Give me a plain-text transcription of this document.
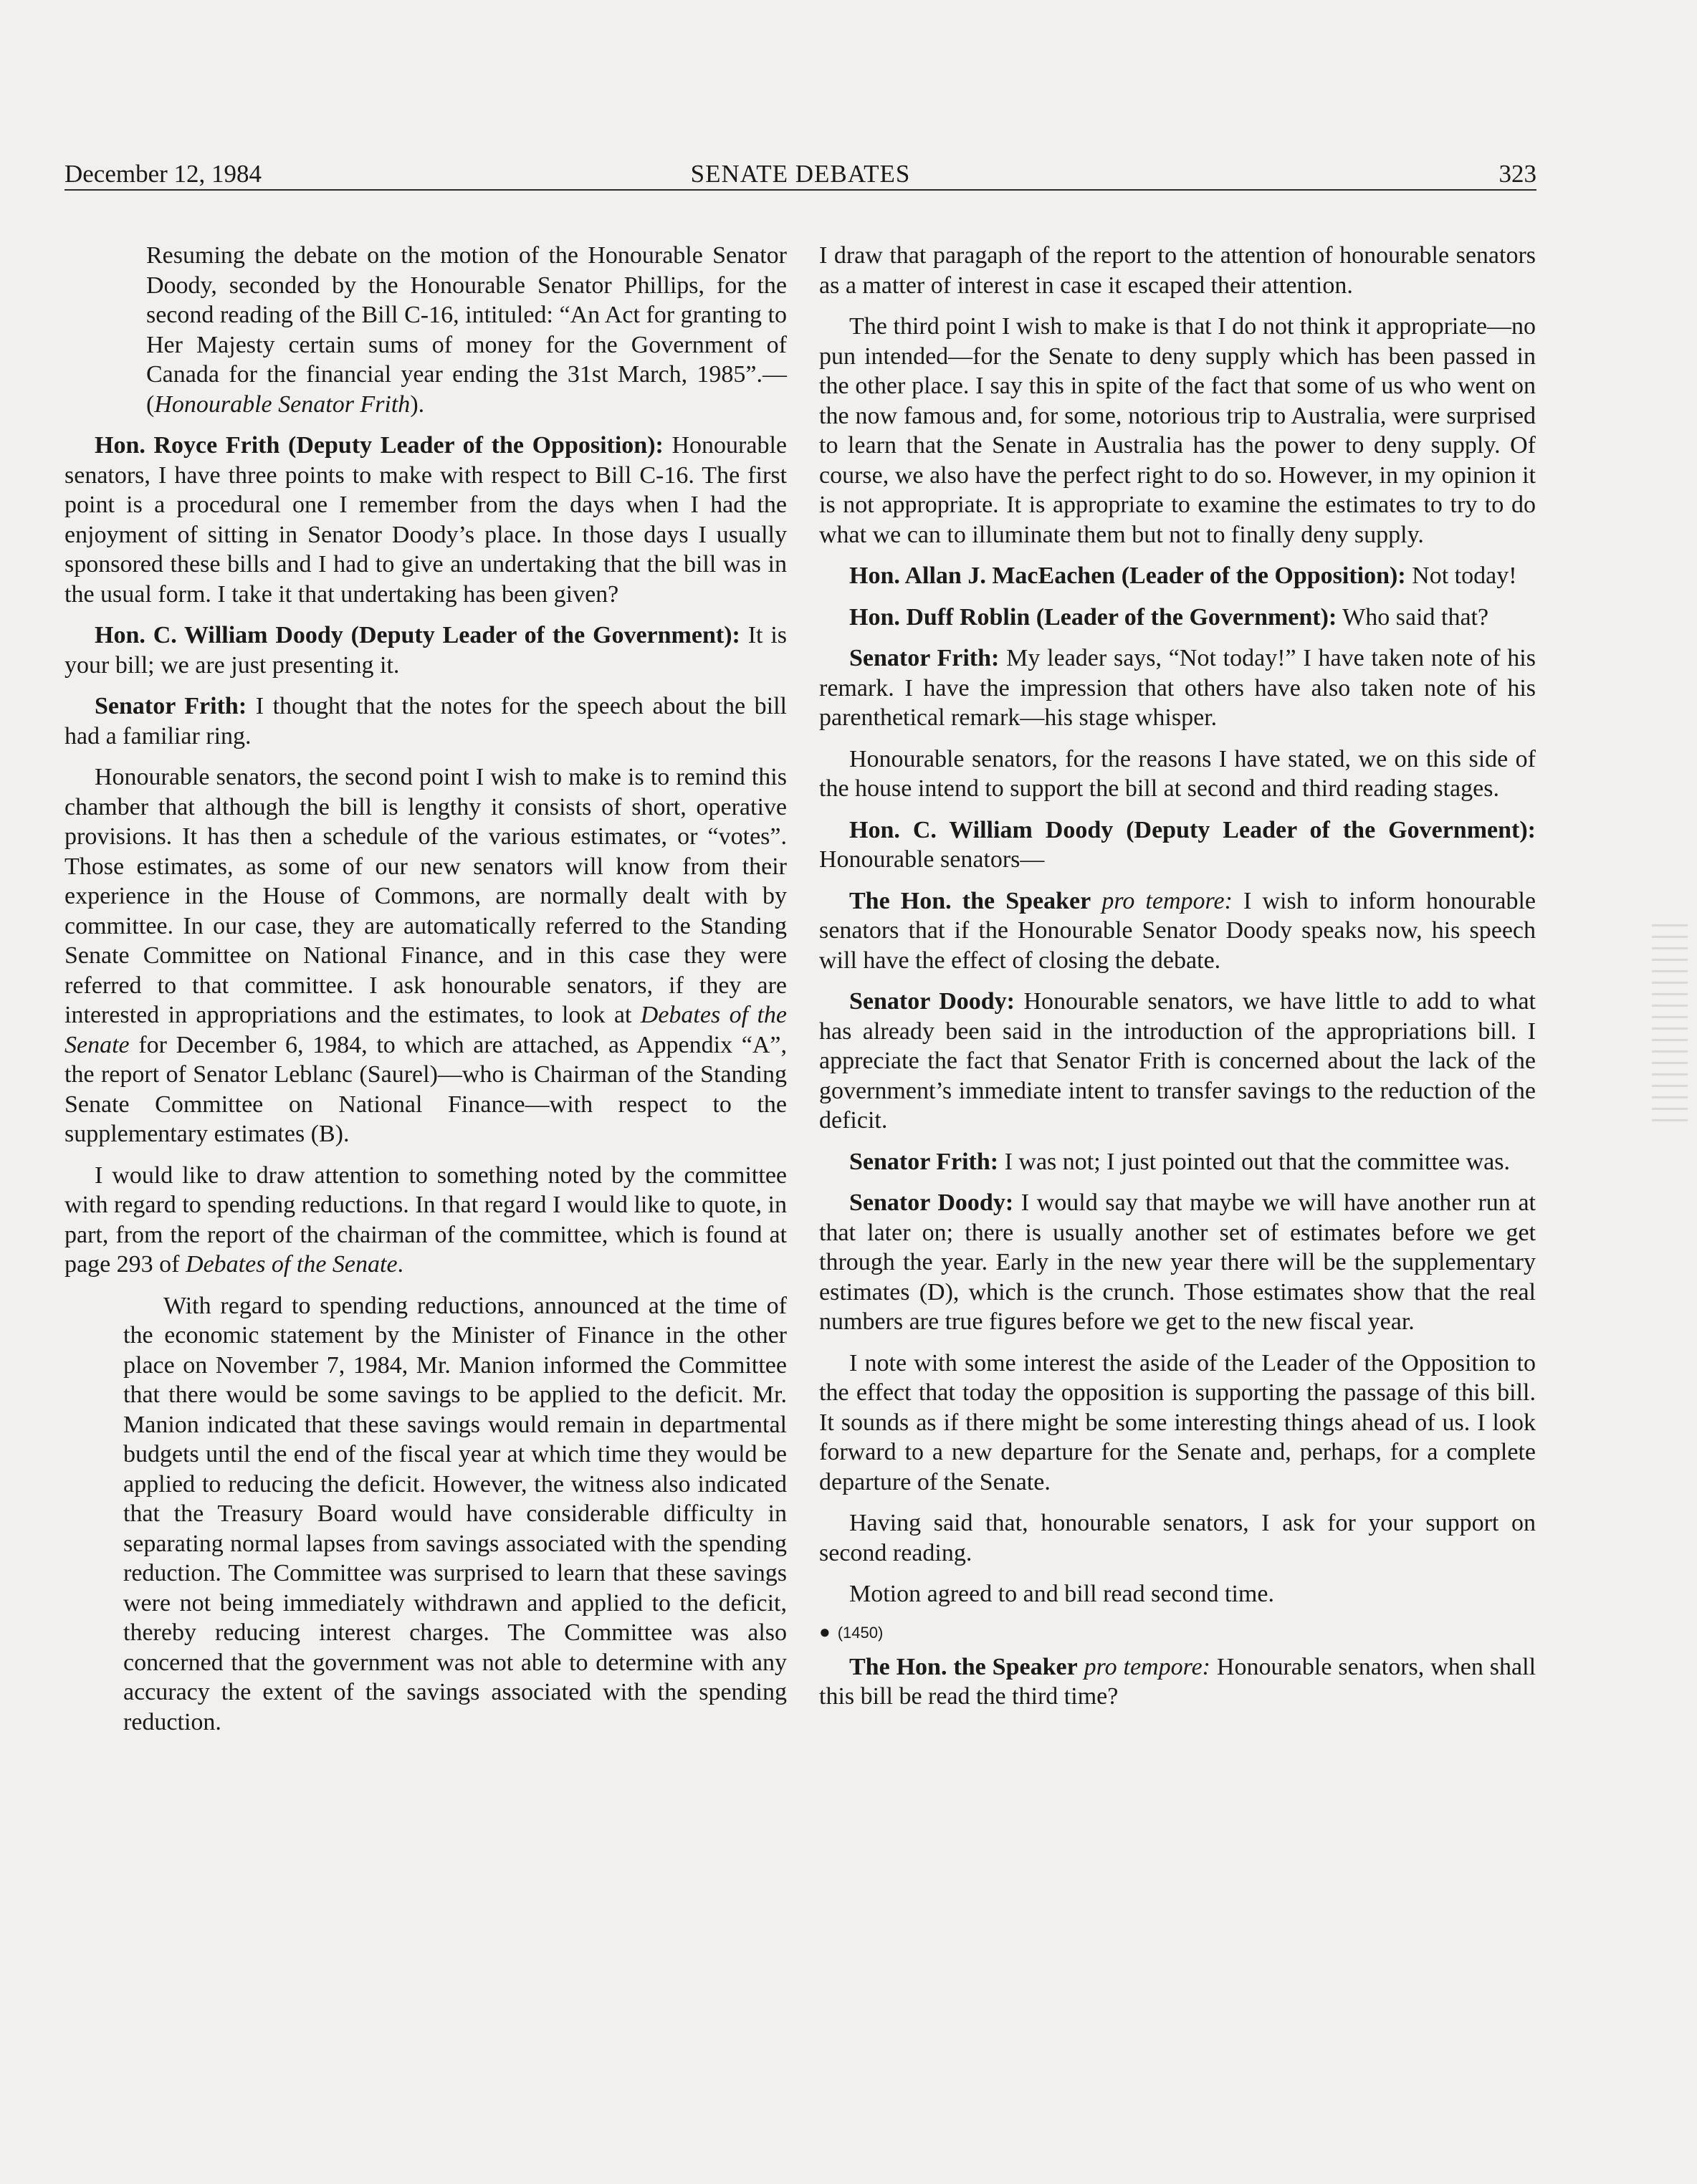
December 12, 1984	SENATE DEBATES	323

Resuming the debate on the motion of the Honourable Senator Doody, seconded by the Honourable Senator Phillips, for the second reading of the Bill C-16, intituled: “An Act for granting to Her Majesty certain sums of money for the Government of Canada for the financial year ending the 31st March, 1985”.—(Honourable Senator Frith).

Hon. Royce Frith (Deputy Leader of the Opposition): Honourable senators, I have three points to make with respect to Bill C-16. The first point is a procedural one I remember from the days when I had the enjoyment of sitting in Senator Doody’s place. In those days I usually sponsored these bills and I had to give an undertaking that the bill was in the usual form. I take it that undertaking has been given?

Hon. C. William Doody (Deputy Leader of the Government): It is your bill; we are just presenting it.

Senator Frith: I thought that the notes for the speech about the bill had a familiar ring.

Honourable senators, the second point I wish to make is to remind this chamber that although the bill is lengthy it consists of short, operative provisions. It has then a schedule of the various estimates, or “votes”. Those estimates, as some of our new senators will know from their experience in the House of Commons, are normally dealt with by committee. In our case, they are automatically referred to the Standing Senate Committee on National Finance, and in this case they were referred to that committee. I ask honourable senators, if they are interested in appropriations and the estimates, to look at Debates of the Senate for December 6, 1984, to which are attached, as Appendix “A”, the report of Senator Leblanc (Saurel)—who is Chairman of the Standing Senate Committee on National Finance—with respect to the supplementary estimates (B).

I would like to draw attention to something noted by the committee with regard to spending reductions. In that regard I would like to quote, in part, from the report of the chairman of the committee, which is found at page 293 of Debates of the Senate.

With regard to spending reductions, announced at the time of the economic statement by the Minister of Finance in the other place on November 7, 1984, Mr. Manion informed the Committee that there would be some savings to be applied to the deficit. Mr. Manion indicated that these savings would remain in departmental budgets until the end of the fiscal year at which time they would be applied to reducing the deficit. However, the witness also indicated that the Treasury Board would have considerable difficulty in separating normal lapses from savings associated with the spending reduction. The Committee was surprised to learn that these savings were not being immediately withdrawn and applied to the deficit, thereby reducing interest charges. The Committee was also concerned that the government was not able to determine with any accuracy the extent of the savings associated with the spending reduction.

I draw that paragaph of the report to the attention of honourable senators as a matter of interest in case it escaped their attention.

The third point I wish to make is that I do not think it appropriate—no pun intended—for the Senate to deny supply which has been passed in the other place. I say this in spite of the fact that some of us who went on the now famous and, for some, notorious trip to Australia, were surprised to learn that the Senate in Australia has the power to deny supply. Of course, we also have the perfect right to do so. However, in my opinion it is not appropriate. It is appropriate to examine the estimates to try to do what we can to illuminate them but not to finally deny supply.

Hon. Allan J. MacEachen (Leader of the Opposition): Not today!

Hon. Duff Roblin (Leader of the Government): Who said that?

Senator Frith: My leader says, “Not today!” I have taken note of his remark. I have the impression that others have also taken note of his parenthetical remark—his stage whisper.

Honourable senators, for the reasons I have stated, we on this side of the house intend to support the bill at second and third reading stages.

Hon. C. William Doody (Deputy Leader of the Government): Honourable senators—

The Hon. the Speaker pro tempore: I wish to inform honourable senators that if the Honourable Senator Doody speaks now, his speech will have the effect of closing the debate.

Senator Doody: Honourable senators, we have little to add to what has already been said in the introduction of the appropriations bill. I appreciate the fact that Senator Frith is concerned about the lack of the government’s immediate intent to transfer savings to the reduction of the deficit.

Senator Frith: I was not; I just pointed out that the committee was.

Senator Doody: I would say that maybe we will have another run at that later on; there is usually another set of estimates before we get through the year. Early in the new year there will be the supplementary estimates (D), which is the crunch. Those estimates show that the real numbers are true figures before we get to the new fiscal year.

I note with some interest the aside of the Leader of the Opposition to the effect that today the opposition is supporting the passage of this bill. It sounds as if there might be some interesting things ahead of us. I look forward to a new departure for the Senate and, perhaps, for a complete departure of the Senate.

Having said that, honourable senators, I ask for your support on second reading.

Motion agreed to and bill read second time.

● (1450)

The Hon. the Speaker pro tempore: Honourable senators, when shall this bill be read the third time?
